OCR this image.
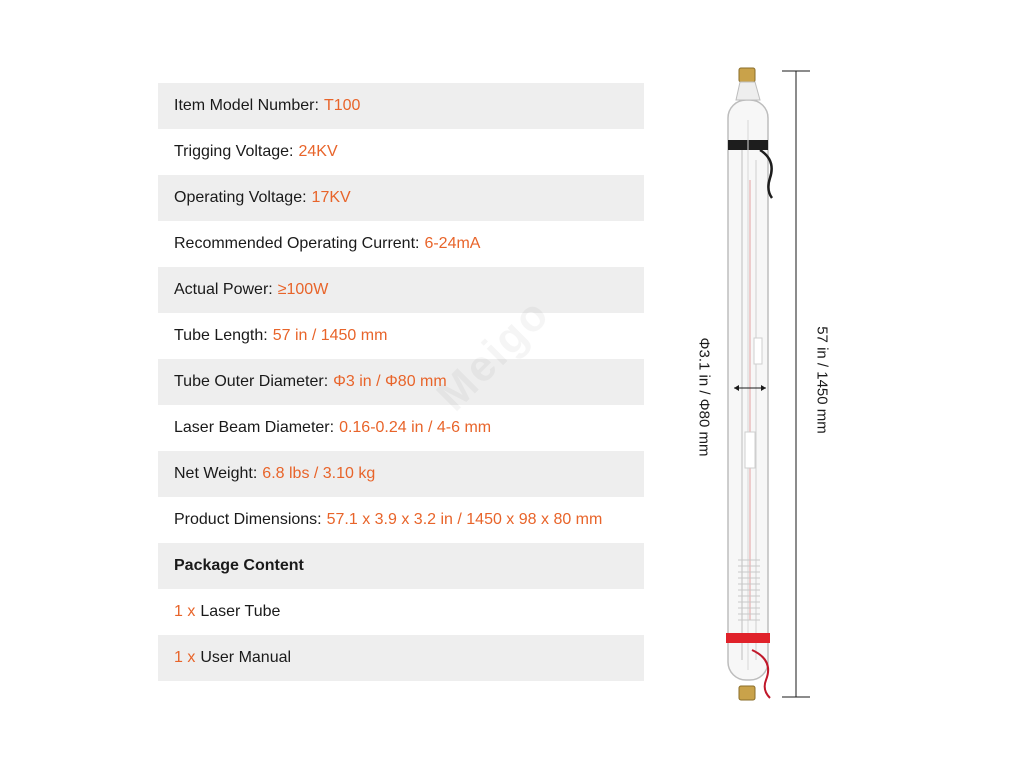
Item Model Number: T100
Trigging Voltage: 24KV
Operating Voltage: 17KV
Recommended Operating Current: 6-24mA
Actual Power: ≥100W
Tube Length: 57 in / 1450 mm
Tube Outer Diameter: Φ3 in / Φ80 mm
Laser Beam Diameter: 0.16-0.24 in / 4-6 mm
Net Weight: 6.8 lbs / 3.10 kg
Product Dimensions: 57.1 x 3.9 x 3.2 in / 1450 x 98 x 80 mm
Package Content
1 x Laser Tube
1 x User Manual
57 in / 1450 mm
Φ3.1 in / Φ80 mm
